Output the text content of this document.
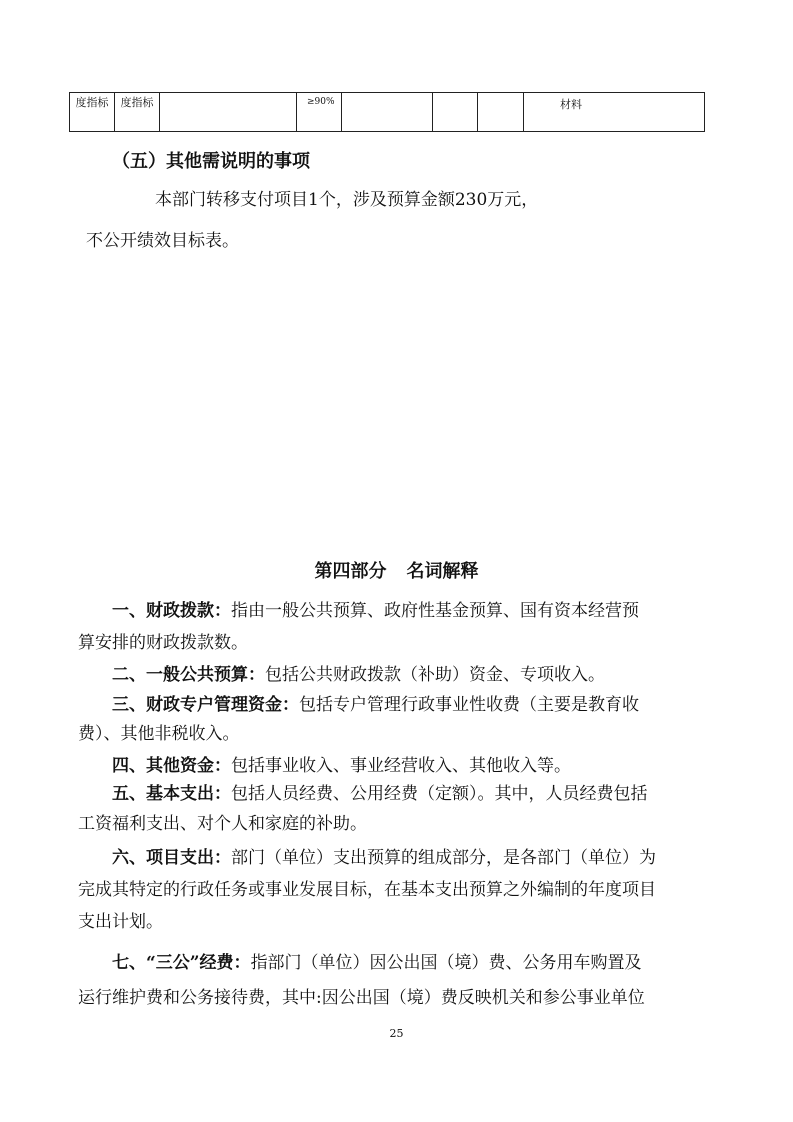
度指标	度指标		≥90%				材料
（五）其他需说明的事项

本部门转移支付项目1个，涉及预算金额230万元，

不公开绩效目标表。

第四部分 名词解释

一、财政拨款：指由一般公共预算、政府性基金预算、国有资本经营预

算安排的财政拨款数。

二、一般公共预算：包括公共财政拨款（补助）资金、专项收入。

三、财政专户管理资金：包括专户管理行政事业性收费（主要是教育收

费）、其他非税收入。

四、其他资金：包括事业收入、事业经营收入、其他收入等。

五、基本支出：包括人员经费、公用经费（定额）。其中，人员经费包括

工资福利支出、对个人和家庭的补助。

六、项目支出：部门（单位）支出预算的组成部分，是各部门（单位）为

完成其特定的行政任务或事业发展目标，在基本支出预算之外编制的年度项目

支出计划。

七、“三公”经费：指部门（单位）因公出国（境）费、公务用车购置及

运行维护费和公务接待费，其中:因公出国（境）费反映机关和参公事业单位

25
